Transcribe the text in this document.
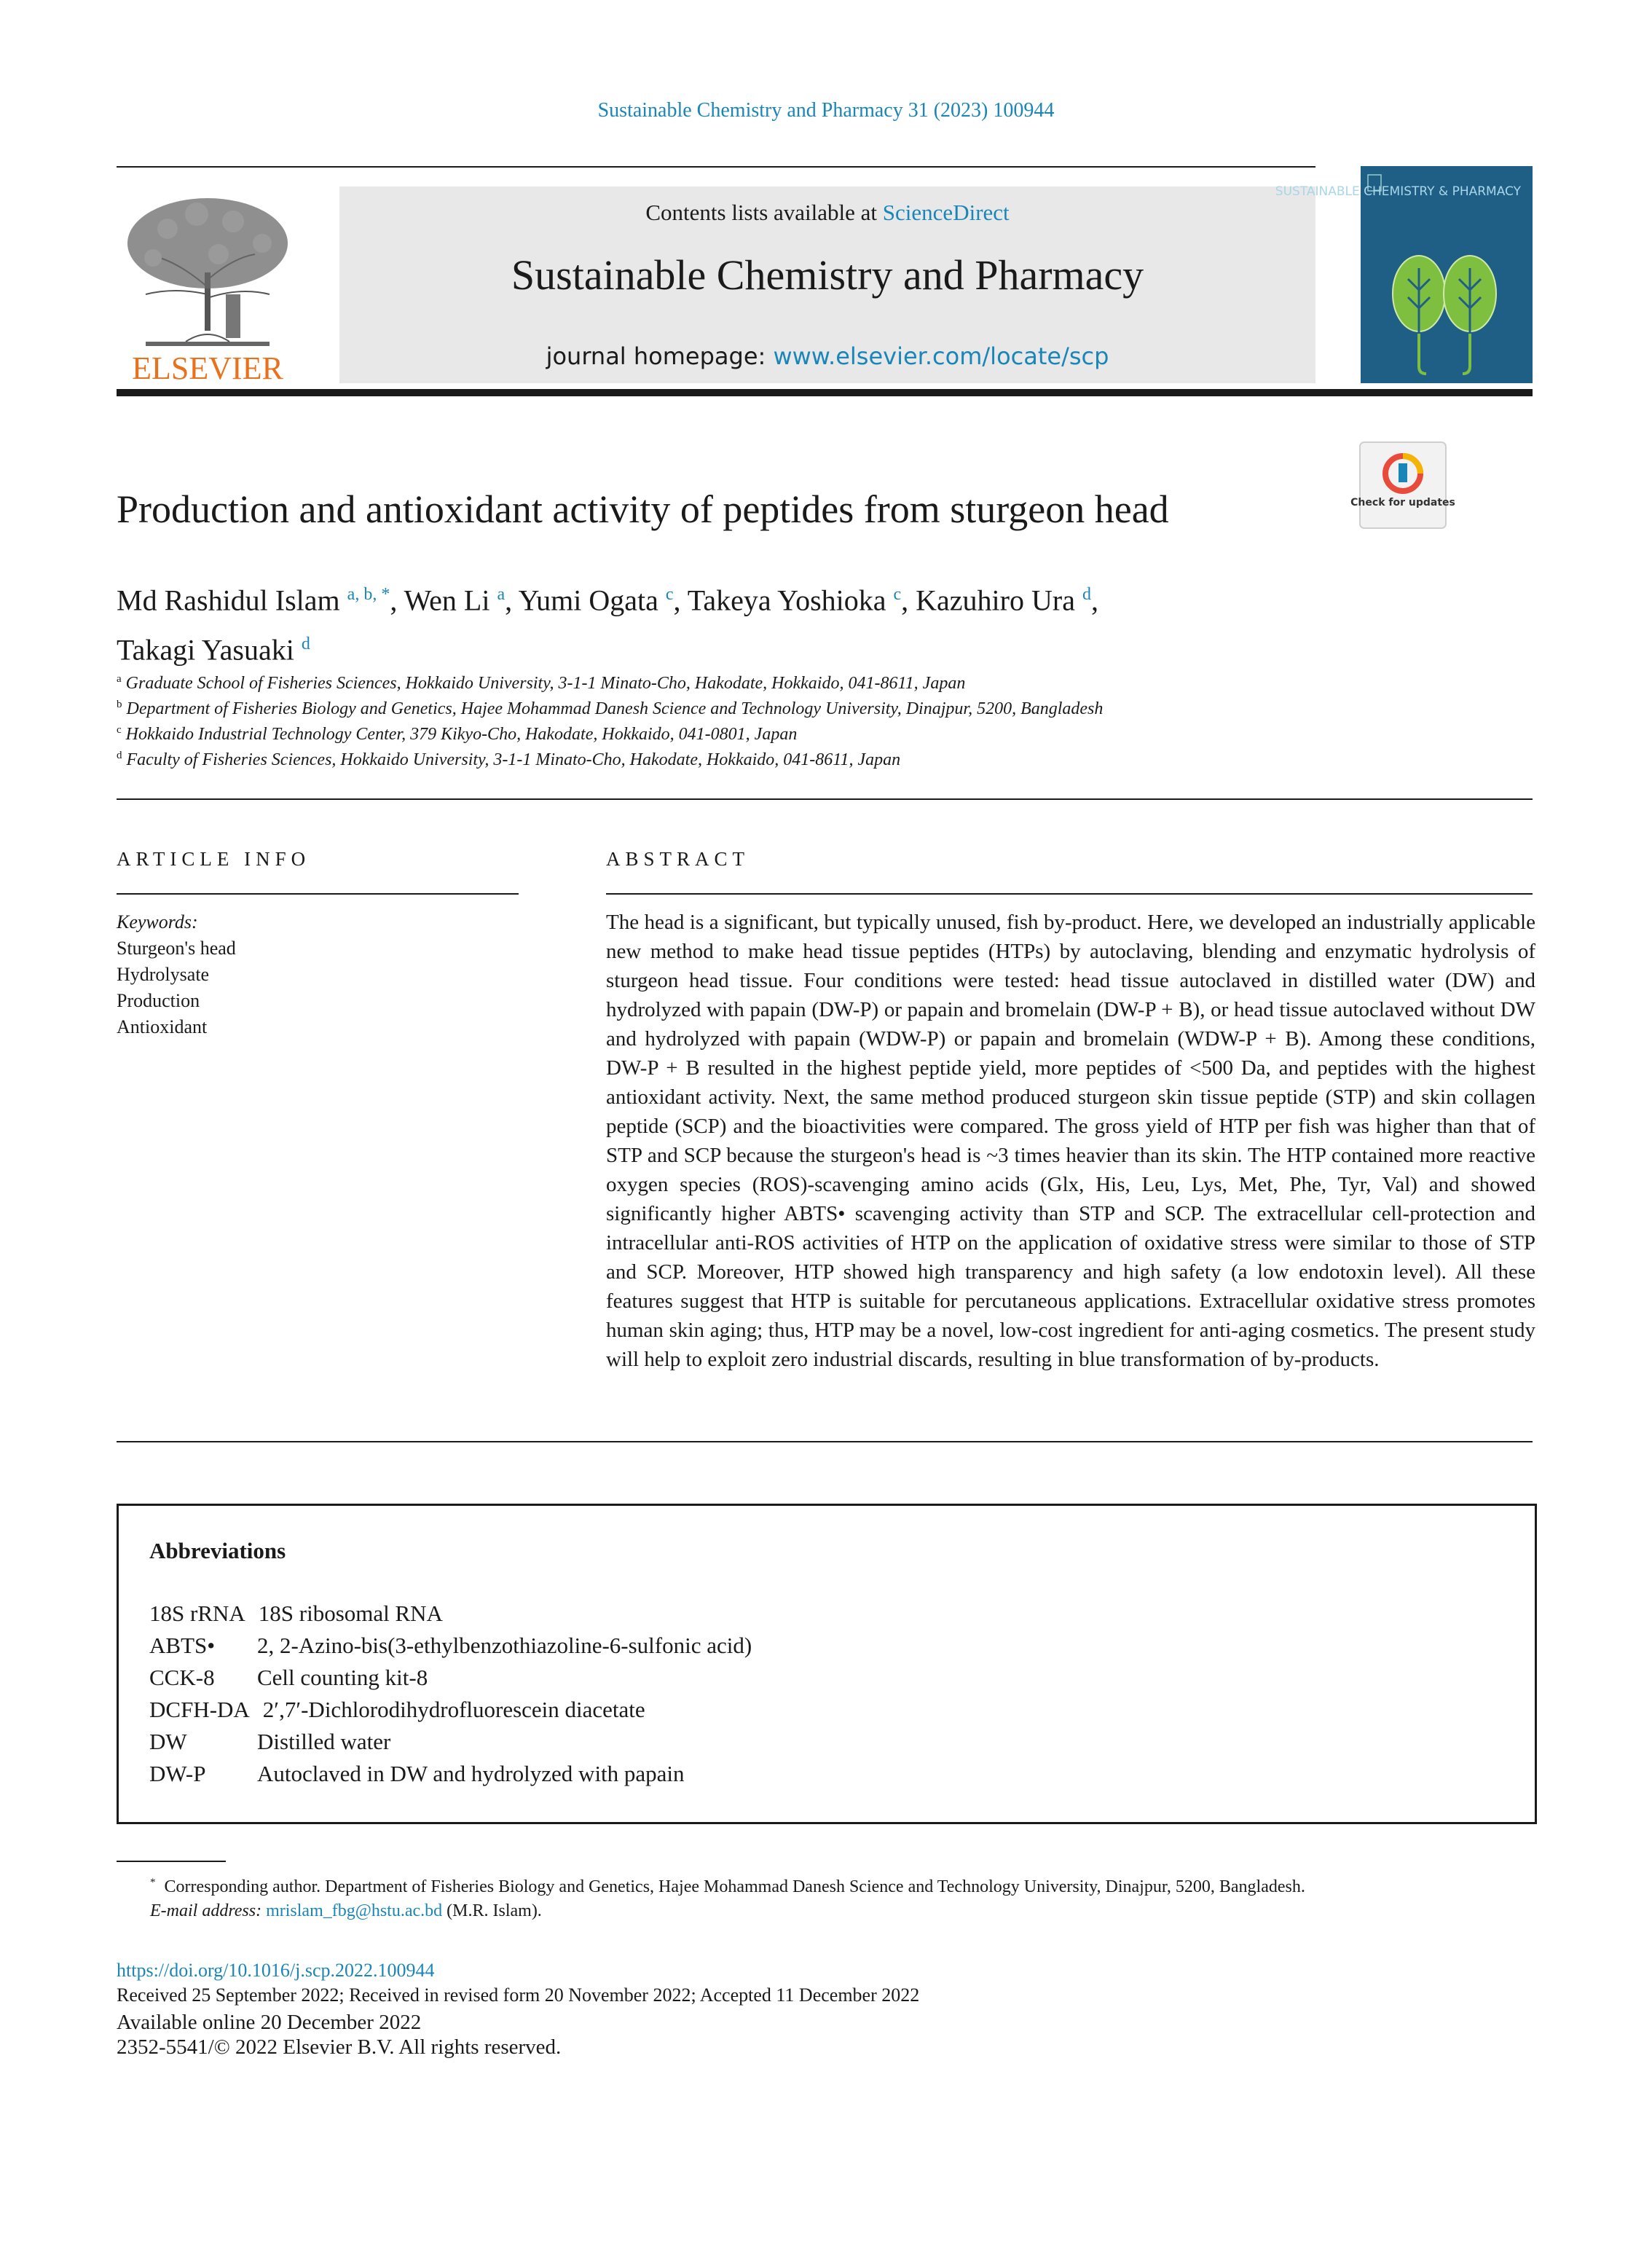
Sustainable Chemistry and Pharmacy 31 (2023) 100944
ELSEVIER
Contents lists available at ScienceDirect
Sustainable Chemistry and Pharmacy
journal homepage: www.elsevier.com/locate/scp
SUSTAINABLE CHEMISTRY & PHARMACY
Check for updates
Production and antioxidant activity of peptides from sturgeon head
Md Rashidul Islam $^{a, b, *}$, Wen Li $^a$, Yumi Ogata $^c$, Takeya Yoshioka $^c$, Kazuhiro Ura $^d$,
Takagi Yasuaki $^d$
$^a$ Graduate School of Fisheries Sciences, Hokkaido University, 3-1-1 Minato-Cho, Hakodate, Hokkaido, 041-8611, Japan
$^b$ Department of Fisheries Biology and Genetics, Hajee Mohammad Danesh Science and Technology University, Dinajpur, 5200, Bangladesh
$^c$ Hokkaido Industrial Technology Center, 379 Kikyo-Cho, Hakodate, Hokkaido, 041-0801, Japan
$^d$ Faculty of Fisheries Sciences, Hokkaido University, 3-1-1 Minato-Cho, Hakodate, Hokkaido, 041-8611, Japan
ARTICLE INFO
Keywords:
Sturgeon's head
Hydrolysate
Production
Antioxidant
ABSTRACT
The head is a significant, but typically unused, fish by-product. Here, we developed an industrially applicable new method to make head tissue peptides (HTPs) by autoclaving, blending and enzymatic hydrolysis of sturgeon head tissue. Four conditions were tested: head tissue autoclaved in distilled water (DW) and hydrolyzed with papain (DW-P) or papain and bromelain (DW-P + B), or head tissue autoclaved without DW and hydrolyzed with papain (WDW-P) or papain and bromelain (WDW-P + B). Among these conditions, DW-P + B resulted in the highest peptide yield, more peptides of <500 Da, and peptides with the highest antioxidant activity. Next, the same method produced sturgeon skin tissue peptide (STP) and skin collagen peptide (SCP) and the bioactivities were compared. The gross yield of HTP per fish was higher than that of STP and SCP because the sturgeon's head is ~3 times heavier than its skin. The HTP contained more reactive oxygen species (ROS)-scavenging amino acids (Glx, His, Leu, Lys, Met, Phe, Tyr, Val) and showed significantly higher ABTS• scavenging activity than STP and SCP. The extracellular cell-protection and intracellular anti-ROS activities of HTP on the application of oxidative stress were similar to those of STP and SCP. Moreover, HTP showed high transparency and high safety (a low endotoxin level). All these features suggest that HTP is suitable for percutaneous applications. Extracellular oxidative stress promotes human skin aging; thus, HTP may be a novel, low-cost ingredient for anti-aging cosmetics. The present study will help to exploit zero industrial discards, resulting in blue transformation of by-products.
Abbreviations
18S rRNA 18S ribosomal RNA
ABTS• 2, 2-Azino-bis(3-ethylbenzothiazoline-6-sulfonic acid)
CCK-8 Cell counting kit-8
DCFH-DA 2′,7′-Dichlorodihydrofluorescein diacetate
DW	Distilled water
DW-P Autoclaved in DW and hydrolyzed with papain
* Corresponding author. Department of Fisheries Biology and Genetics, Hajee Mohammad Danesh Science and Technology University, Dinajpur, 5200, Bangladesh.
E-mail address: mrislam_fbg@hstu.ac.bd (M.R. Islam).
https://doi.org/10.1016/j.scp.2022.100944
Received 25 September 2022; Received in revised form 20 November 2022; Accepted 11 December 2022
Available online 20 December 2022
2352-5541/© 2022 Elsevier B.V. All rights reserved.
